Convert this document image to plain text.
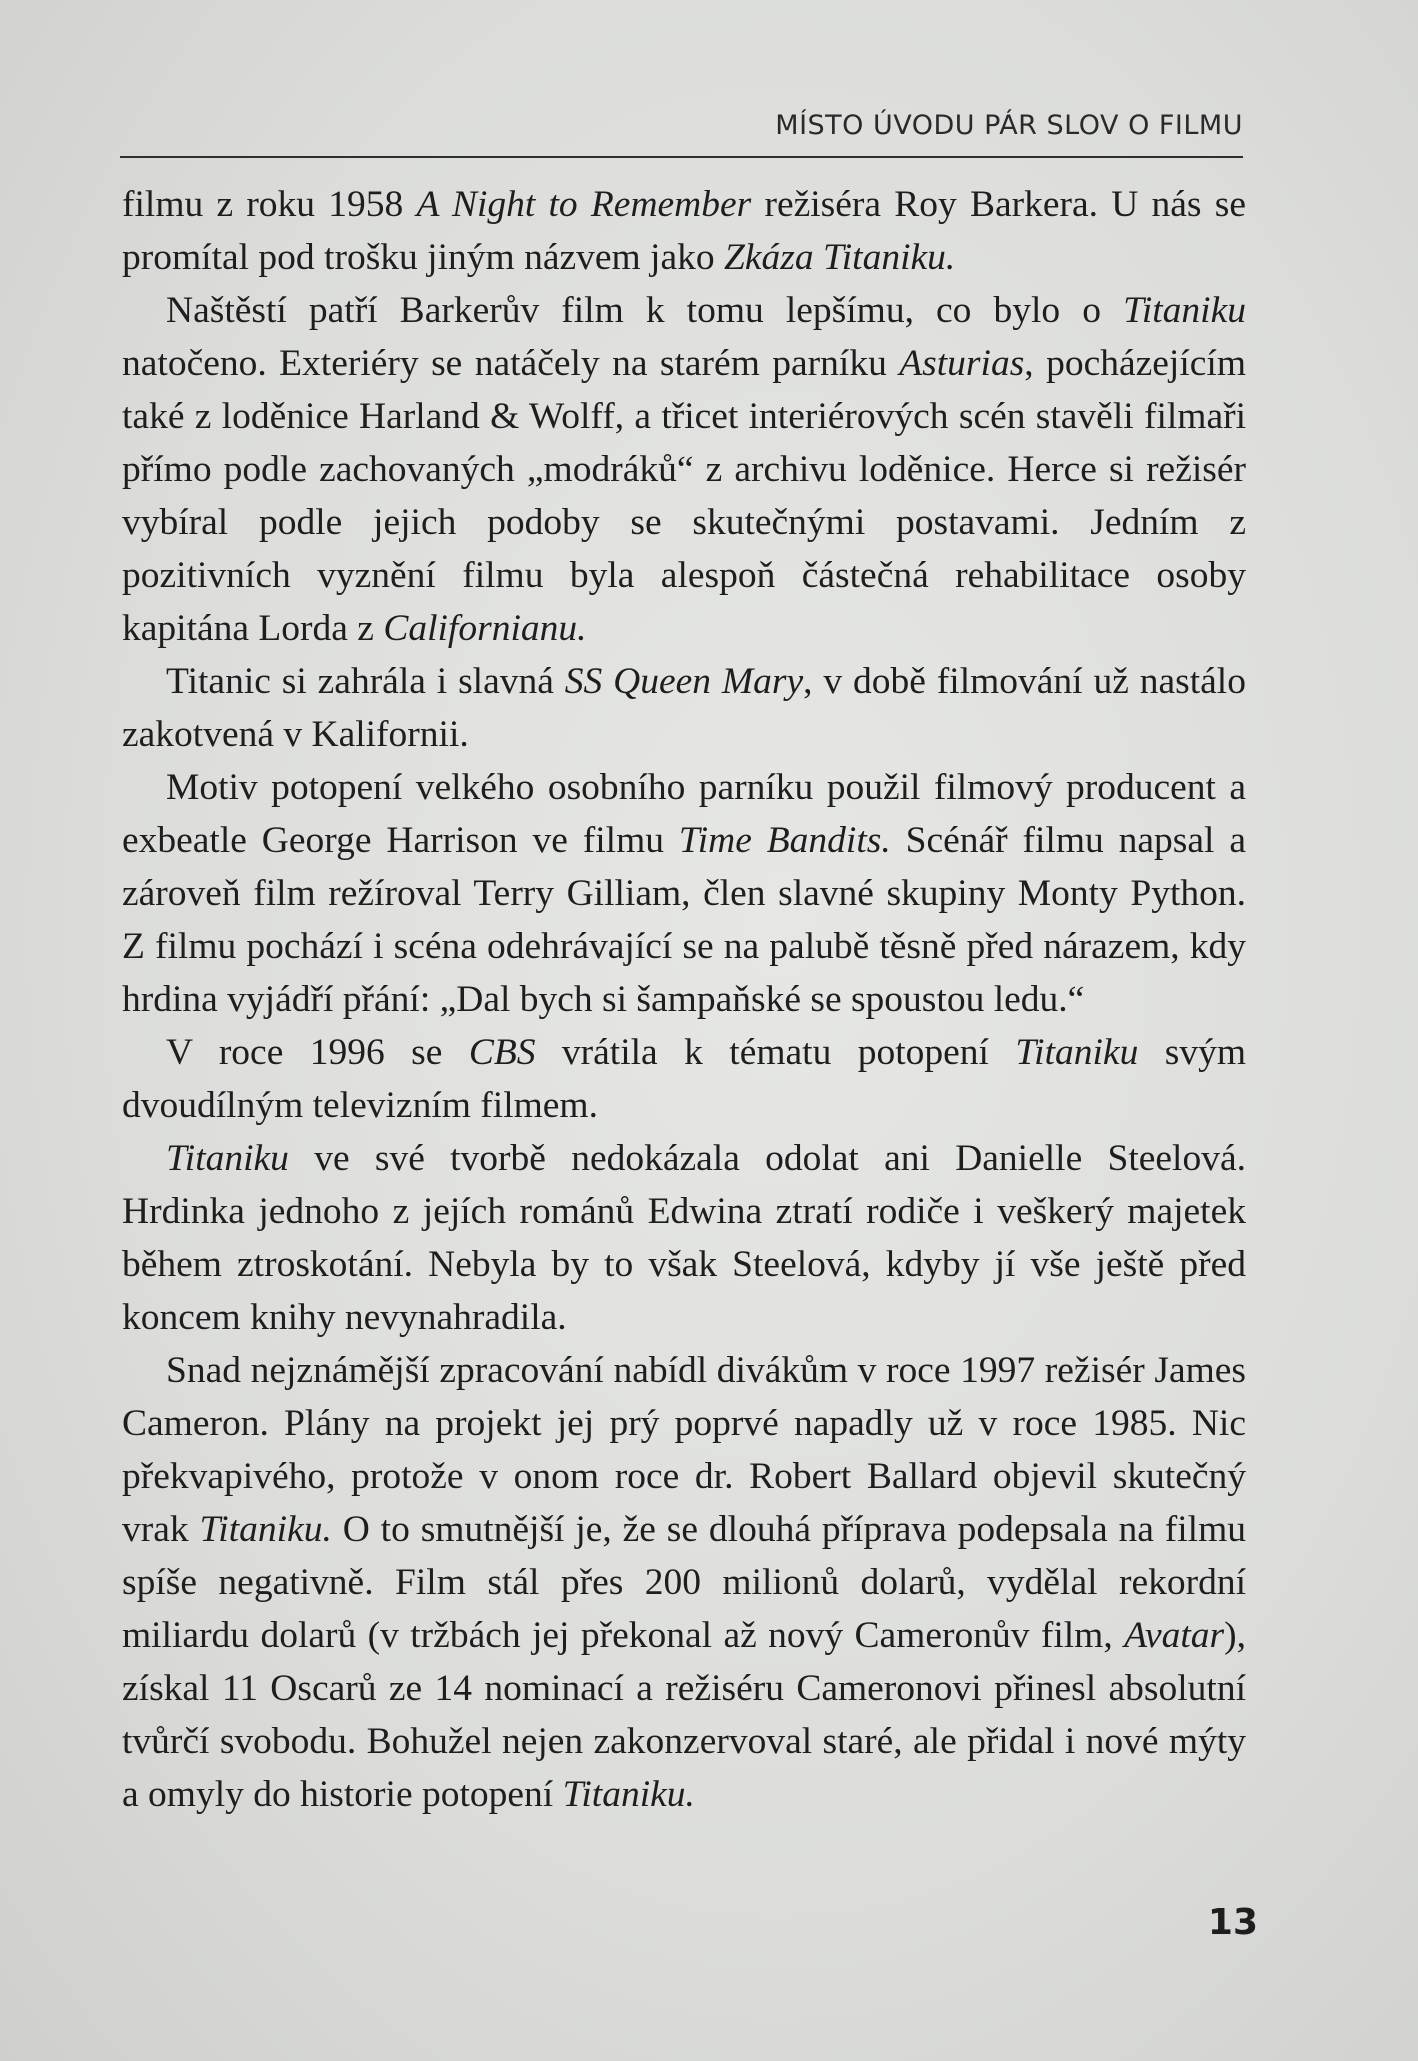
MÍSTO ÚVODU PÁR SLOV O FILMU

filmu z roku 1958 A Night to Remember režiséra Roy Barkera. U nás se promítal pod trošku jiným názvem jako Zkáza Titaniku.

Naštěstí patří Barkerův film k tomu lepšímu, co bylo o Titaniku natočeno. Exteriéry se natáčely na starém parníku Asturias, pocházejícím také z loděnice Harland & Wolff, a třicet interiérových scén stavěli filmaři přímo podle zachovaných „modráků“ z archivu loděnice. Herce si režisér vybíral podle jejich podoby se skutečnými postavami. Jedním z pozitivních vyznění filmu byla alespoň částečná rehabilitace osoby kapitána Lorda z Californianu.

Titanic si zahrála i slavná SS Queen Mary, v době filmování už nastálo zakotvená v Kalifornii.

Motiv potopení velkého osobního parníku použil filmový producent a exbeatle George Harrison ve filmu Time Bandits. Scénář filmu napsal a zároveň film režíroval Terry Gilliam, člen slavné skupiny Monty Python. Z filmu pochází i scéna odehrávající se na palubě těsně před nárazem, kdy hrdina vyjádří přání: „Dal bych si šampaňské se spoustou ledu.“

V roce 1996 se CBS vrátila k tématu potopení Titaniku svým dvoudílným televizním filmem.

Titaniku ve své tvorbě nedokázala odolat ani Danielle Steelová. Hrdinka jednoho z jejích románů Edwina ztratí rodiče i veškerý majetek během ztroskotání. Nebyla by to však Steelová, kdyby jí vše ještě před koncem knihy nevynahradila.

Snad nejznámější zpracování nabídl divákům v roce 1997 režisér James Cameron. Plány na projekt jej prý poprvé napadly už v roce 1985. Nic překvapivého, protože v onom roce dr. Robert Ballard objevil skutečný vrak Titaniku. O to smutnější je, že se dlouhá příprava podepsala na filmu spíše negativně. Film stál přes 200 milionů dolarů, vydělal rekordní miliardu dolarů (v tržbách jej překonal až nový Cameronův film, Avatar), získal 11 Oscarů ze 14 nominací a režiséru Cameronovi přinesl absolutní tvůrčí svobodu. Bohužel nejen zakonzervoval staré, ale přidal i nové mýty a omyly do historie potopení Titaniku.

13
